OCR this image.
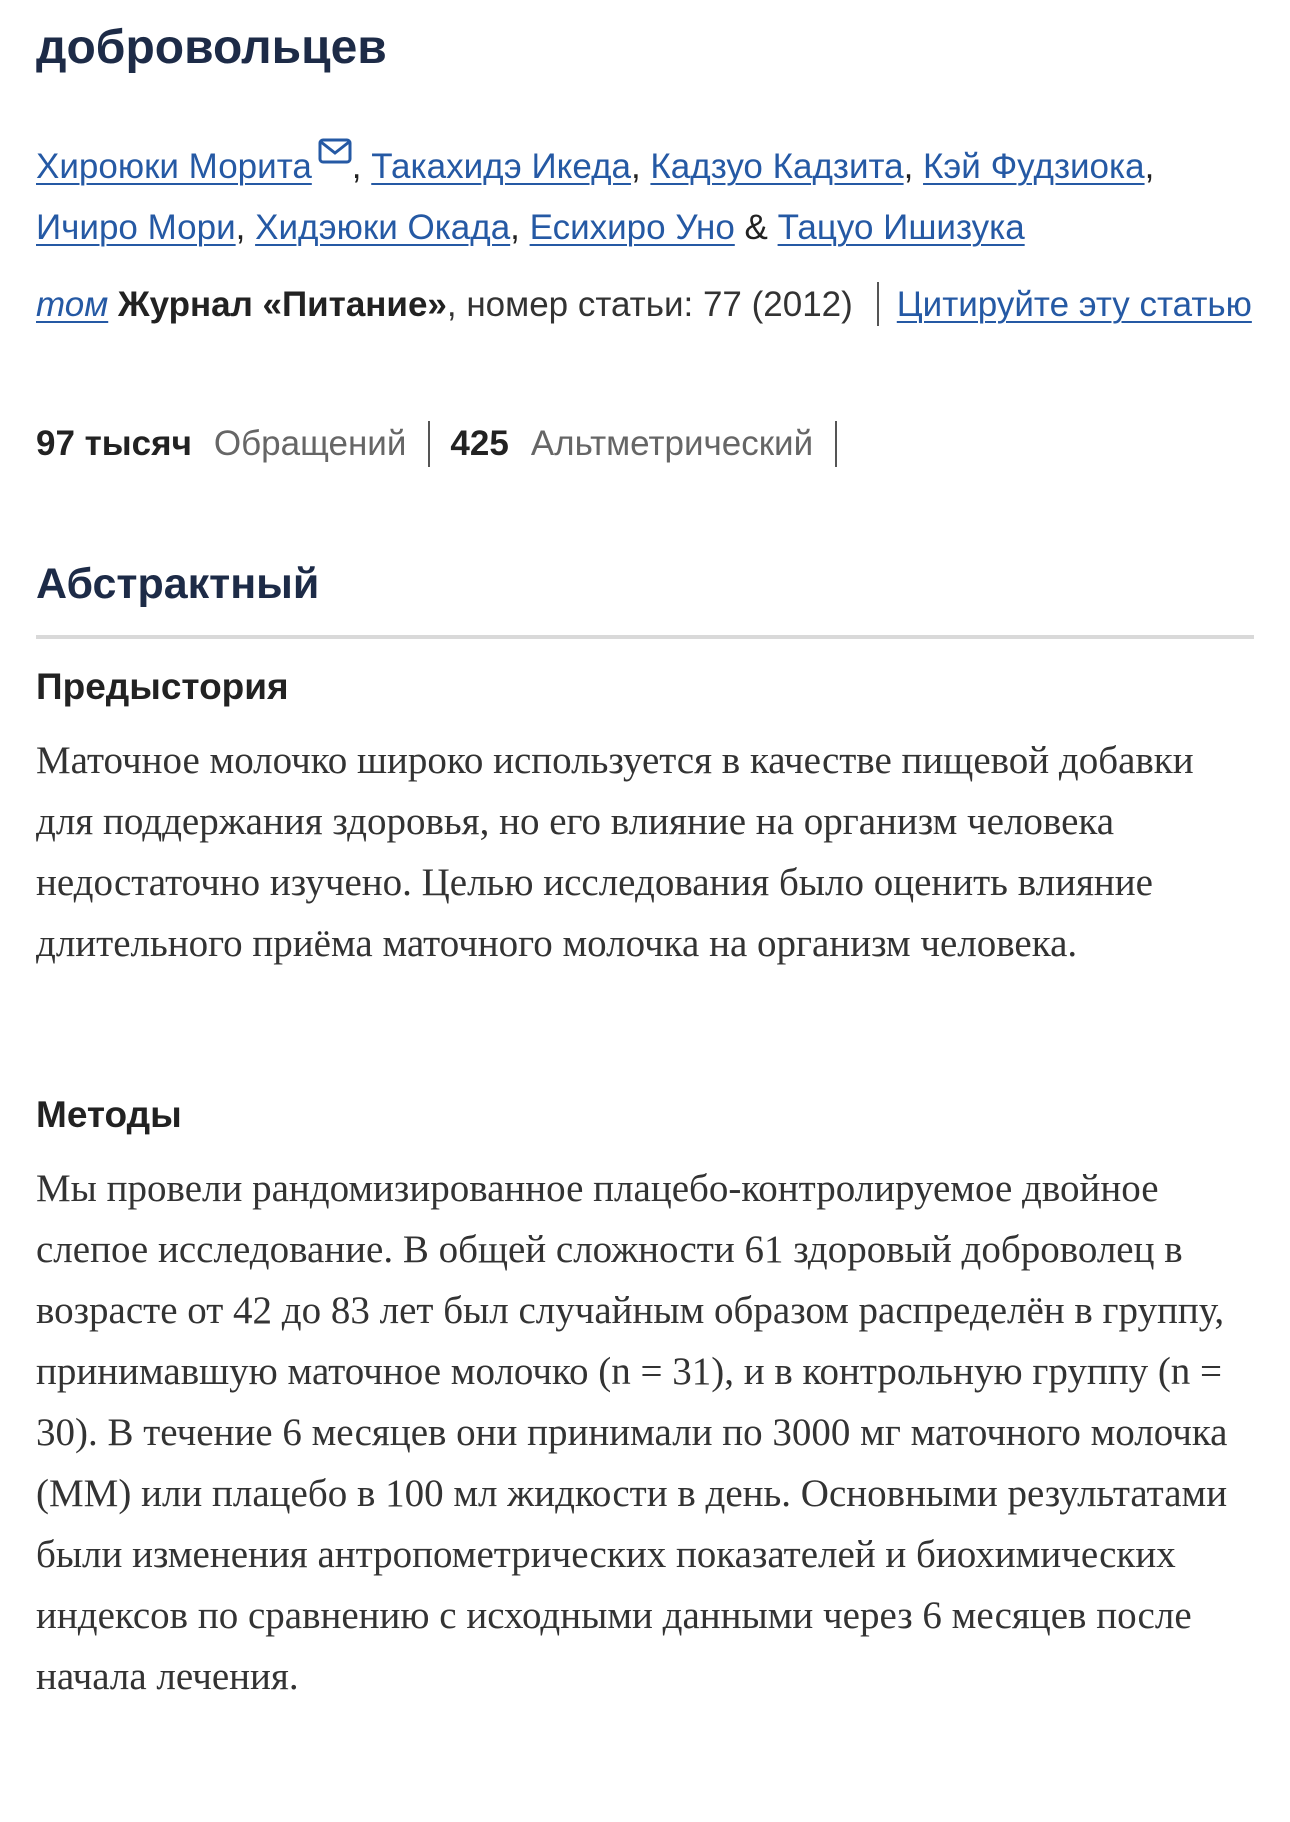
добровольцев
Хироюки Морита , Такахидэ Икеда, Кадзуо Кадзита, Кэй Фудзиока, Ичиро Мори, Хидэюки Окада, Есихиро Уно & Тацуо Ишизука
том Журнал «Питание», номер статьи: 77 (2012) Цитируйте эту статью
97 тысяч Обращений 425 Альтметрический
Абстрактный
Предыстория

Маточное молочко широко используется в качестве пищевой добавки для поддержания здоровья, но его влияние на организм человека недостаточно изучено. Целью исследования было оценить влияние длительного приёма маточного молочка на организм человека.

Методы

Мы провели рандомизированное плацебо-контролируемое двойное слепое исследование. В общей сложности 61 здоровый доброволец в возрасте от 42 до 83 лет был случайным образом распределён в группу, принимавшую маточное молочко (n = 31), и в контрольную группу (n = 30). В течение 6 месяцев они принимали по 3000 мг маточного молочка (ММ) или плацебо в 100 мл жидкости в день. Основными результатами были изменения антропометрических показателей и биохимических индексов по сравнению с исходными данными через 6 месяцев после начала лечения.
